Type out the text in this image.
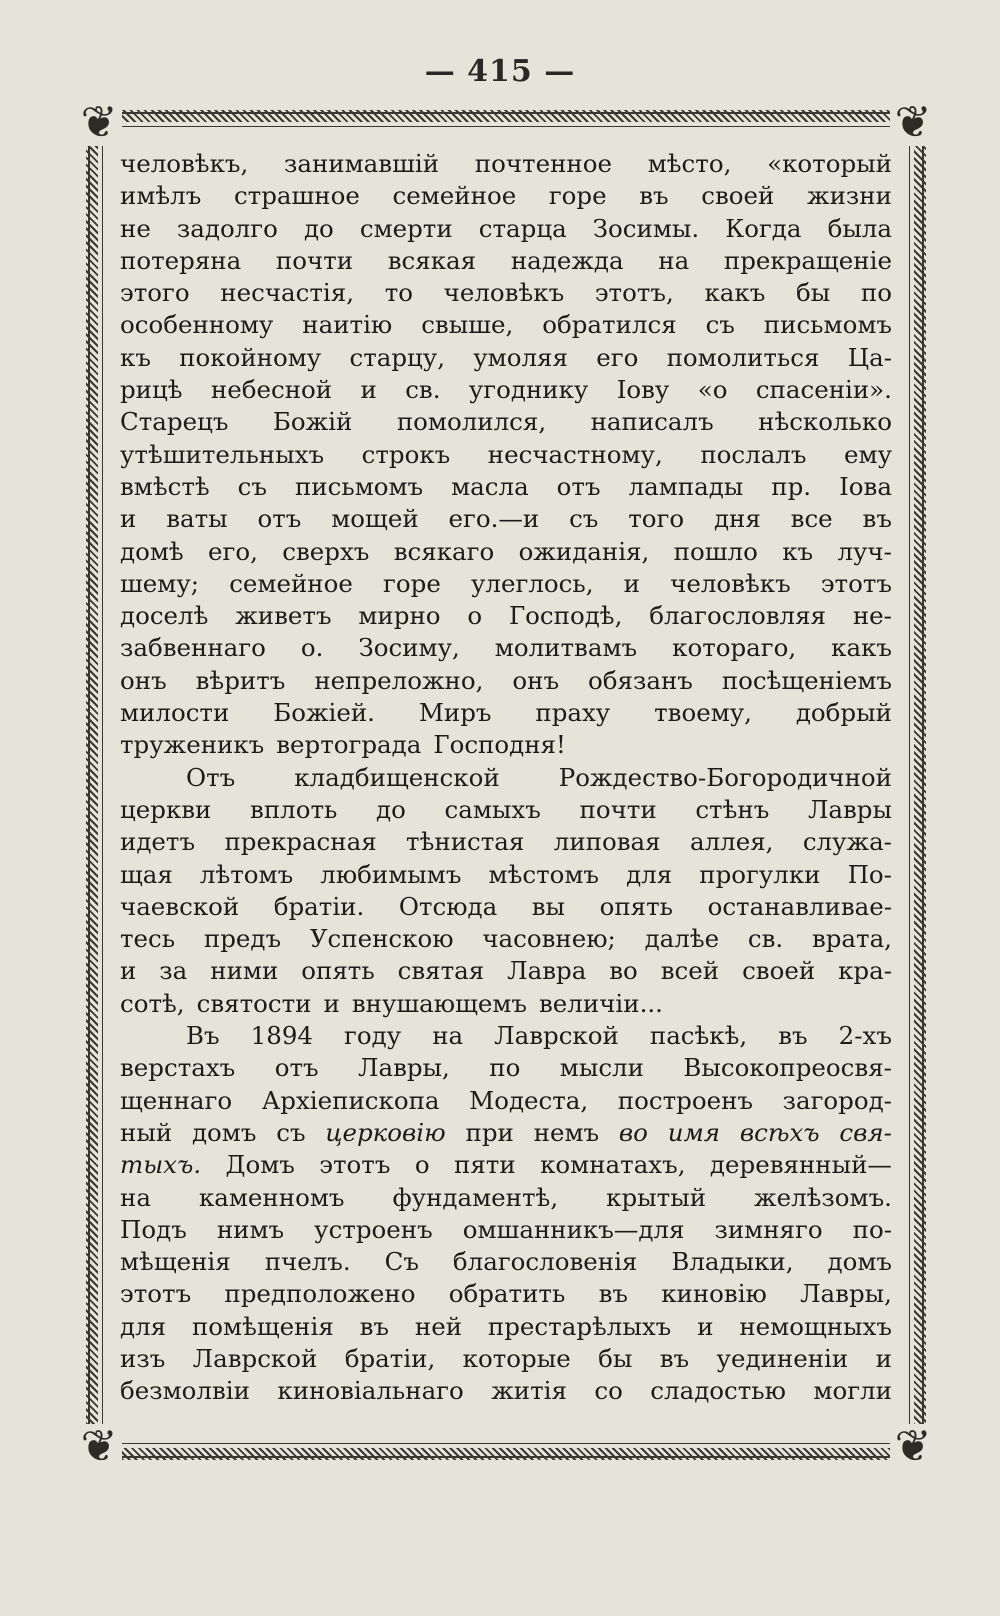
— 415 —
❦	❦
❦	❦
человѣкъ, занимавшій почтенное мѣсто, «который
имѣлъ страшное семейное горе въ своей жизни
не задолго до смерти старца Зосимы. Когда была
потеряна почти всякая надежда на прекращеніе
этого несчастія, то человѣкъ этотъ, какъ бы по
особенному наитію свыше, обратился съ письмомъ
къ покойному старцу, умоляя его помолиться Ца-
рицѣ небесной и св. угоднику Іову «о спасеніи».
Старецъ Божій помолился, написалъ нѣсколько
утѣшительныхъ строкъ несчастному, послалъ ему
вмѣстѣ съ письмомъ масла отъ лампады пр. Іова
и ваты отъ мощей его.—и съ того дня все въ
домѣ его, сверхъ всякаго ожиданія, пошло къ луч-
шему; семейное горе улеглось, и человѣкъ этотъ
доселѣ живетъ мирно о Господѣ, благословляя не-
забвеннаго о. Зосиму, молитвамъ котораго, какъ
онъ вѣритъ непреложно, онъ обязанъ посѣщеніемъ
милости Божіей. Миръ праху твоему, добрый
труженикъ вертограда Господня!
Отъ кладбищенской Рождество-Богородичной
церкви вплоть до самыхъ почти стѣнъ Лавры
идетъ прекрасная тѣнистая липовая аллея, служа-
щая лѣтомъ любимымъ мѣстомъ для прогулки По-
чаевской братіи. Отсюда вы опять останавливае-
тесь предъ Успенскою часовнею; далѣе св. врата,
и за ними опять святая Лавра во всей своей кра-
сотѣ, святости и внушающемъ величіи...
Въ 1894 году на Лаврской пасѣкѣ, въ 2-хъ
верстахъ отъ Лавры, по мысли Высокопреосвя-
щеннаго Архіепископа Модеста, построенъ загород-
ный домъ съ церковію при немъ во имя всѣхъ свя-
тыхъ. Домъ этотъ о пяти комнатахъ, деревянный—
на каменномъ фундаментѣ, крытый желѣзомъ.
Подъ нимъ устроенъ омшанникъ—для зимняго по-
мѣщенія пчелъ. Съ благословенія Владыки, домъ
этотъ предположено обратить въ киновію Лавры,
для помѣщенія въ ней престарѣлыхъ и немощныхъ
изъ Лаврской братіи, которые бы въ уединеніи и
безмолвіи киновіальнаго житія со сладостью могли
